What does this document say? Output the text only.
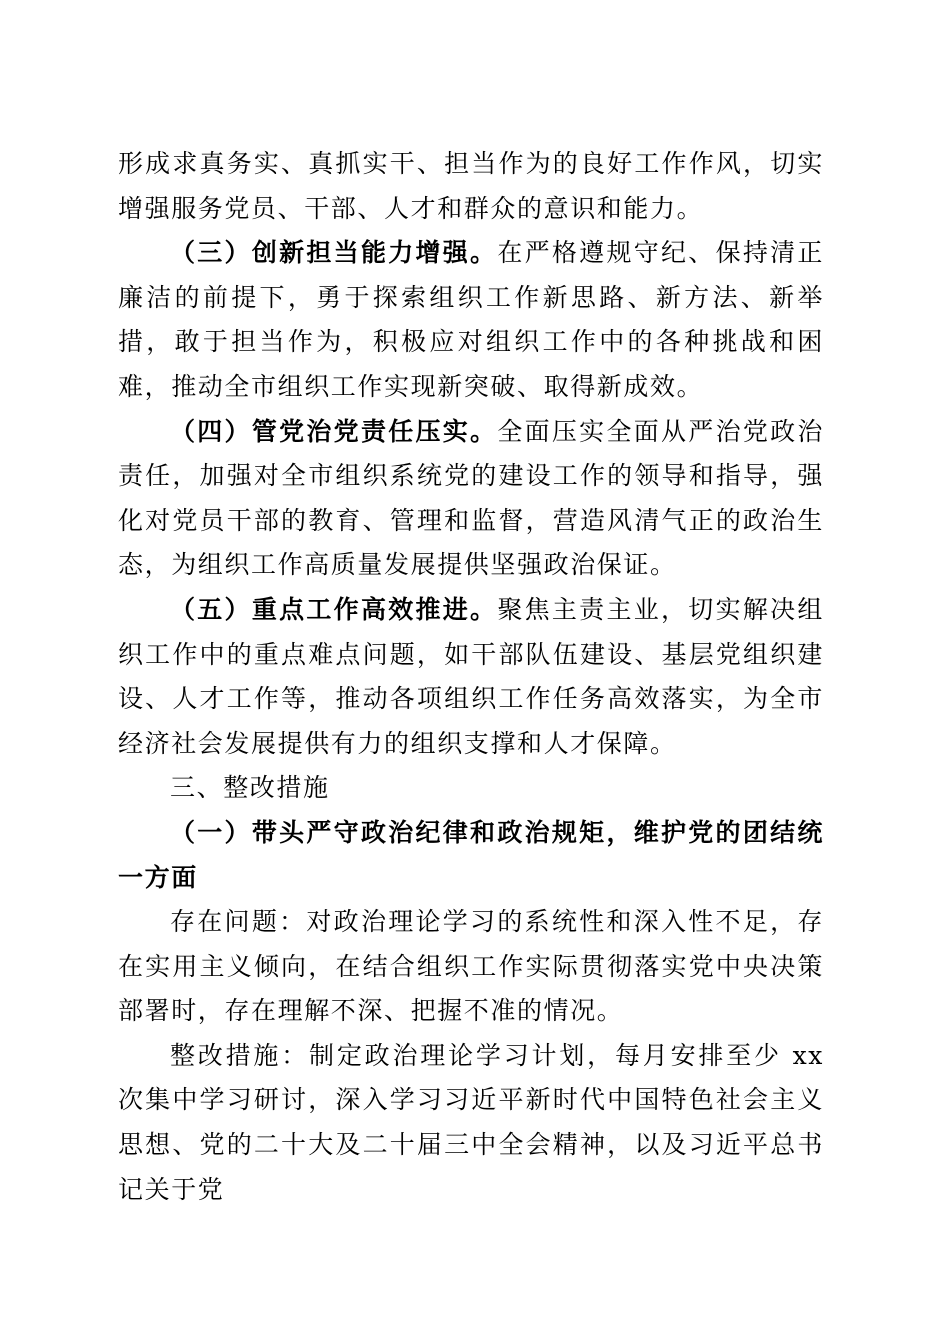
形成求真务实、真抓实干、担当作为的良好工作作风，切实增强服务党员、干部、人才和群众的意识和能力。

（三）创新担当能力增强。在严格遵规守纪、保持清正廉洁的前提下，勇于探索组织工作新思路、新方法、新举措，敢于担当作为，积极应对组织工作中的各种挑战和困难，推动全市组织工作实现新突破、取得新成效。

（四）管党治党责任压实。全面压实全面从严治党政治责任，加强对全市组织系统党的建设工作的领导和指导，强化对党员干部的教育、管理和监督，营造风清气正的政治生态，为组织工作高质量发展提供坚强政治保证。

（五）重点工作高效推进。聚焦主责主业，切实解决组织工作中的重点难点问题，如干部队伍建设、基层党组织建设、人才工作等，推动各项组织工作任务高效落实，为全市经济社会发展提供有力的组织支撑和人才保障。

三、整改措施

（一）带头严守政治纪律和政治规矩，维护党的团结统一方面

存在问题：对政治理论学习的系统性和深入性不足，存在实用主义倾向，在结合组织工作实际贯彻落实党中央决策部署时，存在理解不深、把握不准的情况。

整改措施：制定政治理论学习计划，每月安排至少 xx 次集中学习研讨，深入学习习近平新时代中国特色社会主义思想、党的二十大及二十届三中全会精神，以及习近平总书记关于党
